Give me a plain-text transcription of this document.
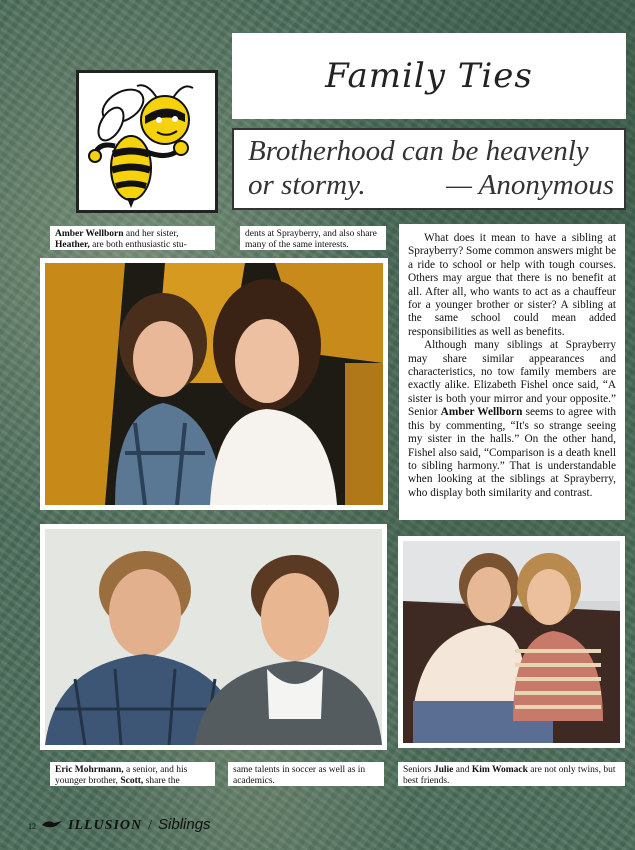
Family Ties
Brotherhood can be heavenly
or stormy.	— Anonymous
Amber Wellborn and her sister, Heather, are both enthusiastic stu-
dents at Sprayberry, and also share many of the same interests.

What does it mean to have a sibling at Sprayberry? Some common answers might be a ride to school or help with tough courses. Others may argue that there is no benefit at all. After all, who wants to act as a chauffeur for a younger brother or sister? A sibling at the same school could mean added responsibilities as well as benefits.

Although many siblings at Sprayberry may share similar appearances and characteristics, no tow family members are exactly alike. Elizabeth Fishel once said, “A sister is both your mirror and your opposite.” Senior Amber Wellborn seems to agree with this by commenting, “It's so strange seeing my sister in the halls.” On the other hand, Fishel also said, “Comparison is a death knell to sibling harmony.” That is understandable when looking at the siblings at Sprayberry, who display both similarity and contrast.

Eric Mohrmann, a senior, and his younger brother, Scott, share the
same talents in soccer as well as in academics.
Seniors Julie and Kim Womack are not only twins, but best friends.
12 ILLUSION / Siblings
